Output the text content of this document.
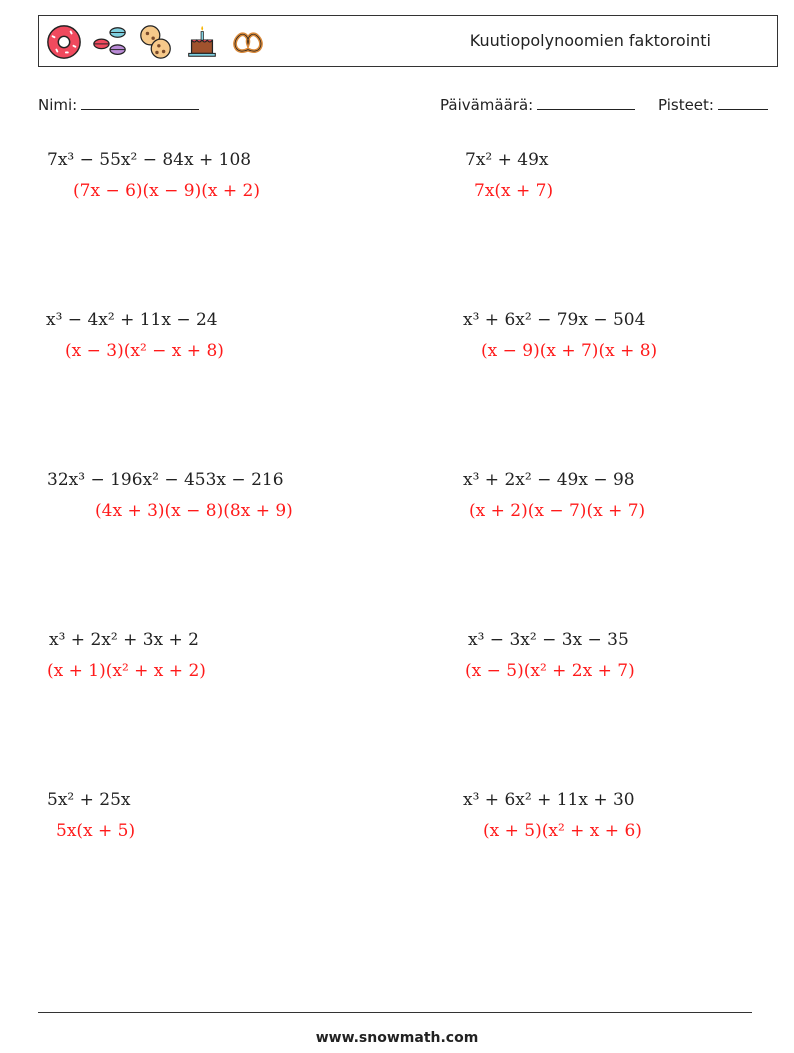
Kuutiopolynoomien faktorointi
Nimi:	Päivämäärä:	Pisteet:
7x³ − 55x² − 84x + 108
(7x − 6)(x − 9)(x + 2)
7x² + 49x
7x(x + 7)
x³ − 4x² + 11x − 24
(x − 3)(x² − x + 8)
x³ + 6x² − 79x − 504
(x − 9)(x + 7)(x + 8)
32x³ − 196x² − 453x − 216
(4x + 3)(x − 8)(8x + 9)
x³ + 2x² − 49x − 98
(x + 2)(x − 7)(x + 7)
x³ + 2x² + 3x + 2
(x + 1)(x² + x + 2)
x³ − 3x² − 3x − 35
(x − 5)(x² + 2x + 7)
5x² + 25x
5x(x + 5)
x³ + 6x² + 11x + 30
(x + 5)(x² + x + 6)
www.snowmath.com
